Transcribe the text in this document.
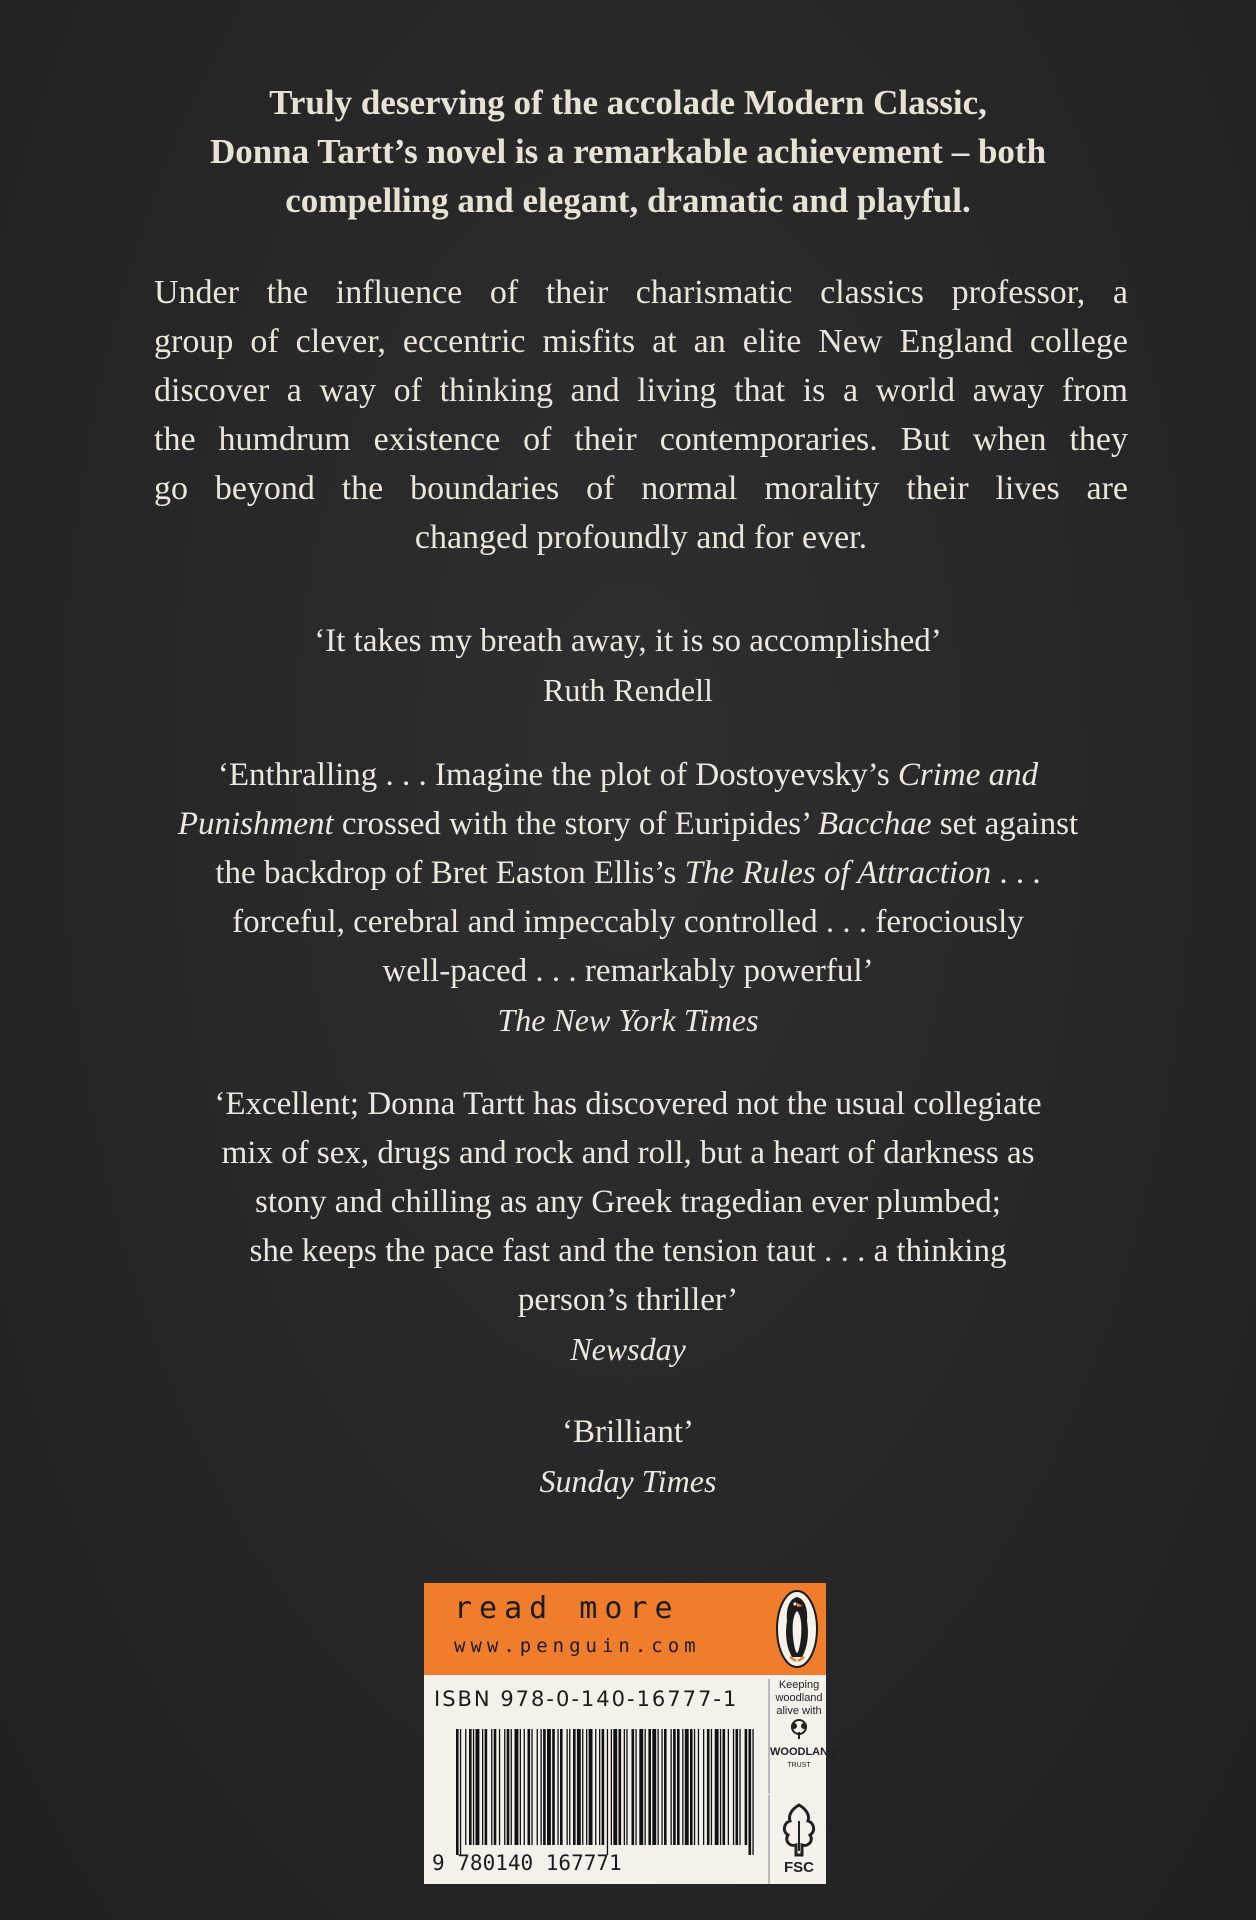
Truly deserving of the accolade Modern Classic,
Donna Tartt’s novel is a remarkable achievement – both
compelling and elegant, dramatic and playful.
Under the influence of their charismatic classics professor, a
group of clever, eccentric misfits at an elite New England college
discover a way of thinking and living that is a world away from
the humdrum existence of their contemporaries. But when they
go beyond the boundaries of normal morality their lives are
changed profoundly and for ever.
‘It takes my breath away, it is so accomplished’
Ruth Rendell
‘Enthralling . . . Imagine the plot of Dostoyevsky’s Crime and
Punishment crossed with the story of Euripides’ Bacchae set against
the backdrop of Bret Easton Ellis’s The Rules of Attraction . . .
forceful, cerebral and impeccably controlled . . . ferociously
well-paced . . . remarkably powerful’
The New York Times
‘Excellent; Donna Tartt has discovered not the usual collegiate
mix of sex, drugs and rock and roll, but a heart of darkness as
stony and chilling as any Greek tragedian ever plumbed;
she keeps the pace fast and the tension taut . . . a thinking
person’s thriller’
Newsday
‘Brilliant’
Sunday Times
read more
www.penguin.com
ISBN 978-0-140-16777-1
9 780140 167771
Keeping
woodland
alive with
WOODLAND
TRUST
FSC
